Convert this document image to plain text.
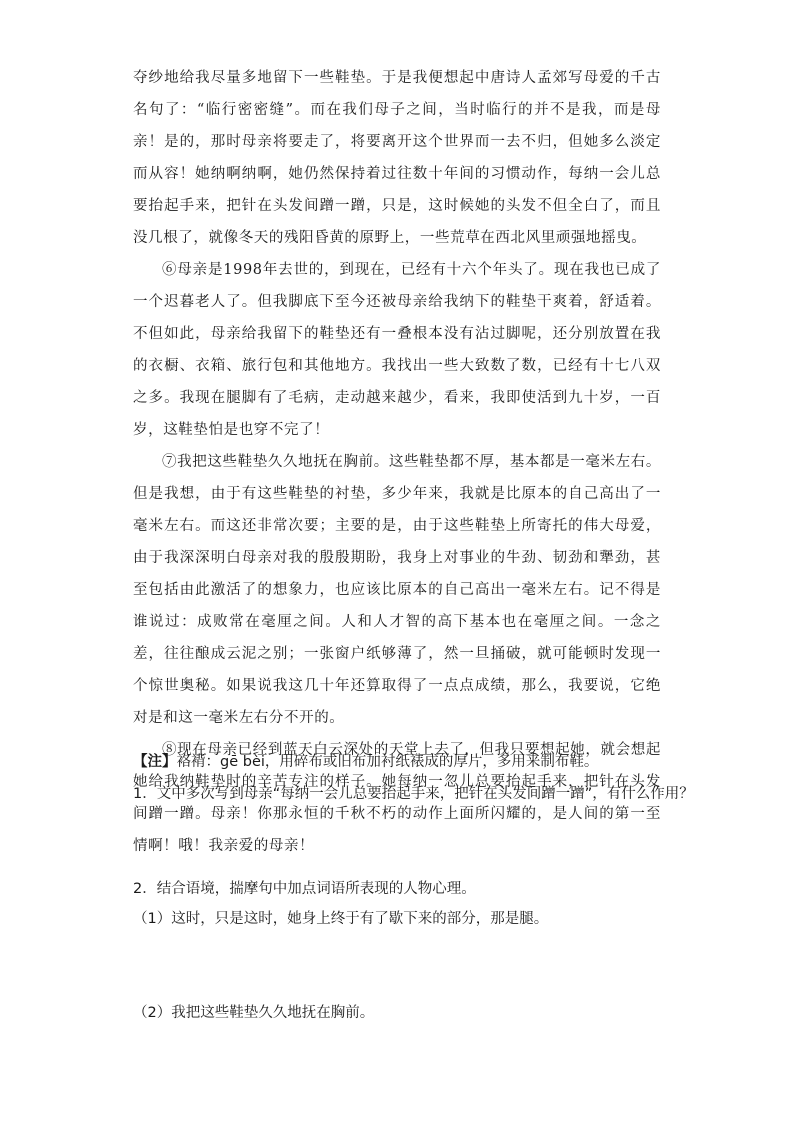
夺纱地给我尽量多地留下一些鞋垫。于是我便想起中唐诗人孟郊写母爱的千古名句了：“临行密密缝”。而在我们母子之间，当时临行的并不是我，而是母亲！是的，那时母亲将要走了，将要离开这个世界而一去不归，但她多么淡定而从容！她纳啊纳啊，她仍然保持着过往数十年间的习惯动作，每纳一会儿总要抬起手来，把针在头发间蹭一蹭，只是，这时候她的头发不但全白了，而且没几根了，就像冬天的残阳昏黄的原野上，一些荒草在西北风里顽强地摇曳。

⑥母亲是1998年去世的，到现在，已经有十六个年头了。现在我也已成了一个迟暮老人了。但我脚底下至今还被母亲给我纳下的鞋垫干爽着，舒适着。不但如此，母亲给我留下的鞋垫还有一叠根本没有沾过脚呢，还分别放置在我的衣橱、衣箱、旅行包和其他地方。我找出一些大致数了数，已经有十七八双之多。我现在腿脚有了毛病，走动越来越少，看来，我即使活到九十岁，一百岁，这鞋垫怕是也穿不完了！

⑦我把这些鞋垫久久地抚在胸前。这些鞋垫都不厚，基本都是一毫米左右。但是我想，由于有这些鞋垫的衬垫，多少年来，我就是比原本的自己高出了一毫米左右。而这还非常次要；主要的是，由于这些鞋垫上所寄托的伟大母爱，由于我深深明白母亲对我的殷殷期盼，我身上对事业的牛劲、韧劲和犟劲，甚至包括由此激活了的想象力，也应该比原本的自己高出一毫米左右。记不得是谁说过：成败常在毫厘之间。人和人才智的高下基本也在毫厘之间。一念之差，往往酿成云泥之别；一张窗户纸够薄了，然一旦捅破，就可能顿时发现一个惊世奥秘。如果说我这几十年还算取得了一点点成绩，那么，我要说，它绝对是和这一毫米左右分不开的。

⑧现在母亲已经到蓝天白云深处的天堂上去了，但我只要想起她，就会想起她给我纳鞋垫时的辛苦专注的样子。她每纳一忽儿总要抬起手来，把针在头发间蹭一蹭。母亲！你那永恒的千秋不朽的动作上面所闪耀的，是人间的第一至情啊！哦！我亲爱的母亲！

【注】袼褙：gē bèi，用碎布或旧布加衬纸裱成的厚片，多用来制布鞋。
1．文中多次写到母亲“每纳一会儿总要抬起手来，把针在头发间蹭一蹭”，有什么作用？
2．结合语境，揣摩句中加点词语所表现的人物心理。
（1）这时，只是这时，她身上终于有了歇下来的部分，那是腿。
（2）我把这些鞋垫久久地抚在胸前。
